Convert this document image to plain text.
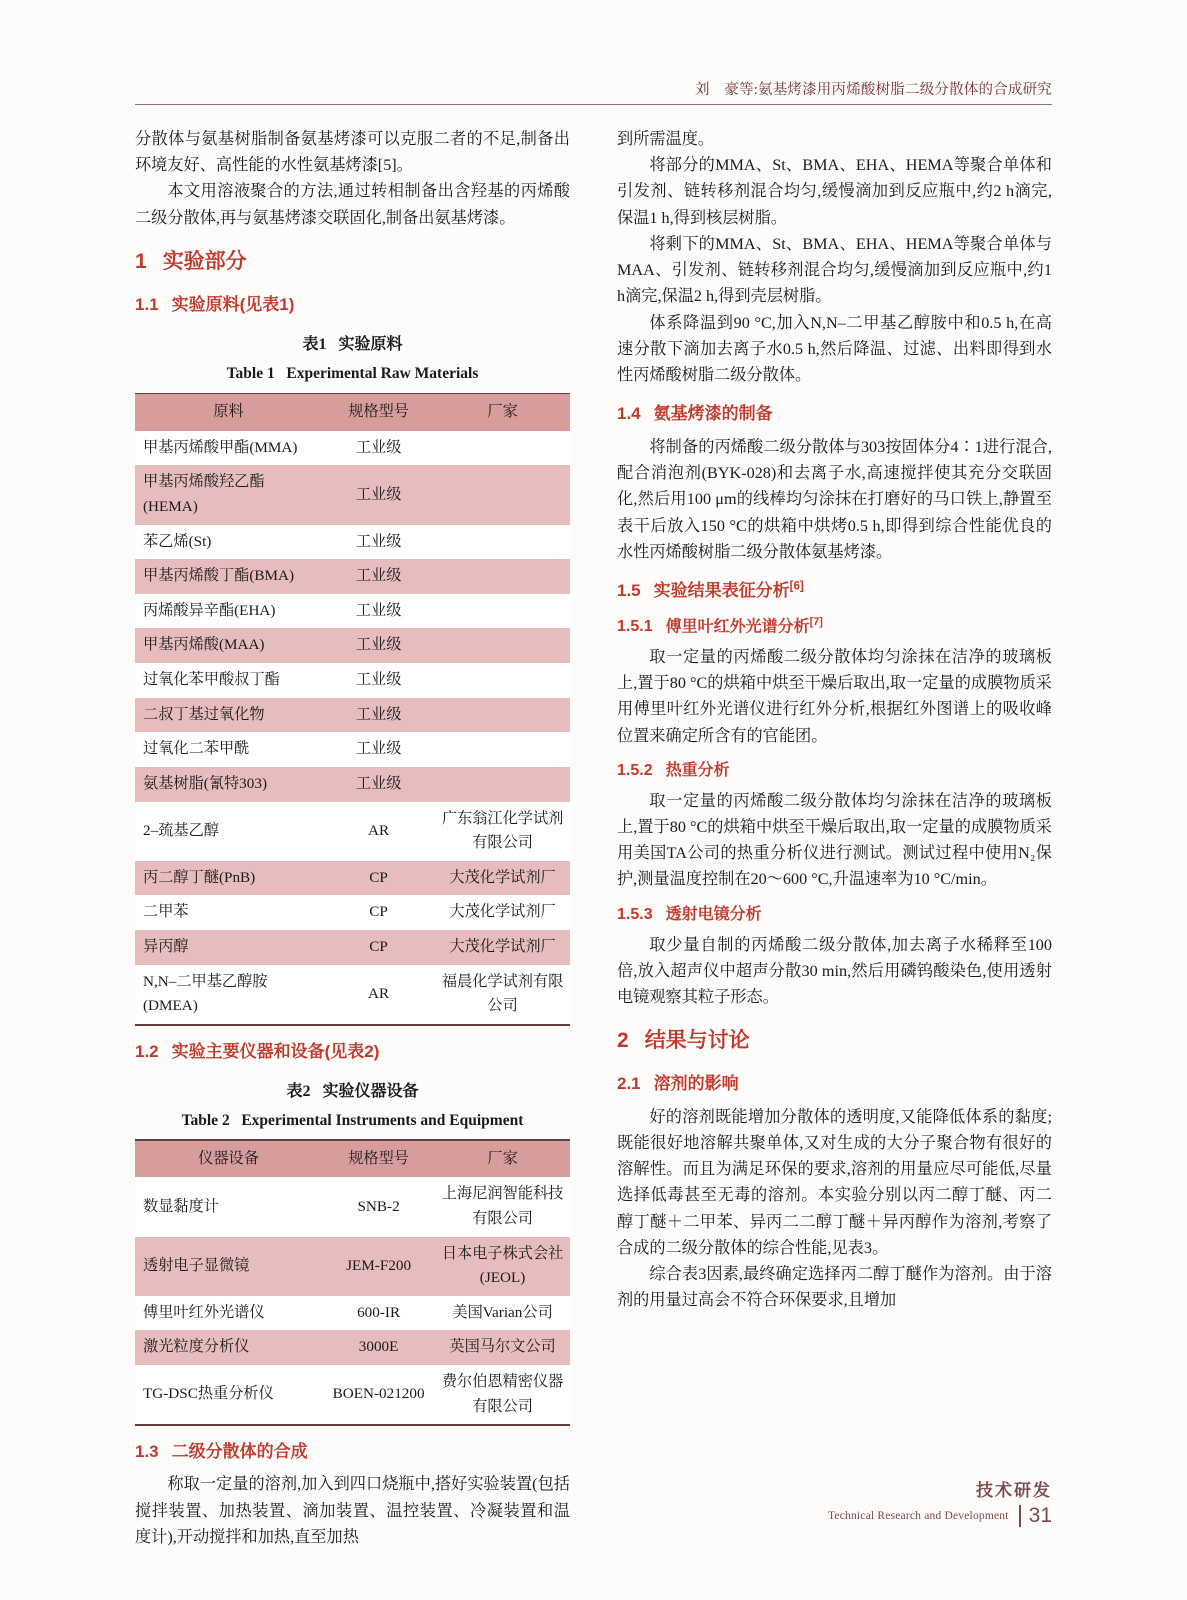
刘　豪等:氨基烤漆用丙烯酸树脂二级分散体的合成研究

分散体与氨基树脂制备氨基烤漆可以克服二者的不足,制备出环境友好、高性能的水性氨基烤漆[5]。

本文用溶液聚合的方法,通过转相制备出含羟基的丙烯酸二级分散体,再与氨基烤漆交联固化,制备出氨基烤漆。

1 实验部分
1.1 实验原料(见表1)
表1 实验原料
Table 1 Experimental Raw Materials
原料	规格型号	厂家
甲基丙烯酸甲酯(MMA)	工业级	
甲基丙烯酸羟乙酯(HEMA)	工业级	
苯乙烯(St)	工业级	
甲基丙烯酸丁酯(BMA)	工业级	
丙烯酸异辛酯(EHA)	工业级	
甲基丙烯酸(MAA)	工业级	
过氧化苯甲酸叔丁酯	工业级	
二叔丁基过氧化物	工业级	
过氧化二苯甲酰	工业级	
氨基树脂(氰特303)	工业级	
2–巯基乙醇	AR	广东翁江化学试剂有限公司
丙二醇丁醚(PnB)	CP	大茂化学试剂厂
二甲苯	CP	大茂化学试剂厂
异丙醇	CP	大茂化学试剂厂
N,N–二甲基乙醇胺(DMEA)	AR	福晨化学试剂有限公司
1.2 实验主要仪器和设备(见表2)
表2 实验仪器设备
Table 2 Experimental Instruments and Equipment
仪器设备	规格型号	厂家
数显黏度计	SNB-2	上海尼润智能科技有限公司
透射电子显微镜	JEM-F200	日本电子株式会社(JEOL)
傅里叶红外光谱仪	600-IR	美国Varian公司
激光粒度分析仪	3000E	英国马尔文公司
TG-DSC热重分析仪	BOEN-021200	费尔伯恩精密仪器有限公司
1.3 二级分散体的合成

称取一定量的溶剂,加入到四口烧瓶中,搭好实验装置(包括搅拌装置、加热装置、滴加装置、温控装置、冷凝装置和温度计),开动搅拌和加热,直至加热

到所需温度。

将部分的MMA、St、BMA、EHA、HEMA等聚合单体和引发剂、链转移剂混合均匀,缓慢滴加到反应瓶中,约2 h滴完,保温1 h,得到核层树脂。

将剩下的MMA、St、BMA、EHA、HEMA等聚合单体与MAA、引发剂、链转移剂混合均匀,缓慢滴加到反应瓶中,约1 h滴完,保温2 h,得到壳层树脂。

体系降温到90 °C,加入N,N–二甲基乙醇胺中和0.5 h,在高速分散下滴加去离子水0.5 h,然后降温、过滤、出料即得到水性丙烯酸树脂二级分散体。

1.4 氨基烤漆的制备

将制备的丙烯酸二级分散体与303按固体分4∶1进行混合,配合消泡剂(BYK-028)和去离子水,高速搅拌使其充分交联固化,然后用100 μm的线棒均匀涂抹在打磨好的马口铁上,静置至表干后放入150 °C的烘箱中烘烤0.5 h,即得到综合性能优良的水性丙烯酸树脂二级分散体氨基烤漆。

1.5 实验结果表征分析[6]
1.5.1 傅里叶红外光谱分析[7]

取一定量的丙烯酸二级分散体均匀涂抹在洁净的玻璃板上,置于80 °C的烘箱中烘至干燥后取出,取一定量的成膜物质采用傅里叶红外光谱仪进行红外分析,根据红外图谱上的吸收峰位置来确定所含有的官能团。

1.5.2 热重分析

取一定量的丙烯酸二级分散体均匀涂抹在洁净的玻璃板上,置于80 °C的烘箱中烘至干燥后取出,取一定量的成膜物质采用美国TA公司的热重分析仪进行测试。测试过程中使用N₂保护,测量温度控制在20～600 °C,升温速率为10 °C/min。

1.5.3 透射电镜分析

取少量自制的丙烯酸二级分散体,加去离子水稀释至100倍,放入超声仪中超声分散30 min,然后用磷钨酸染色,使用透射电镜观察其粒子形态。

2 结果与讨论
2.1 溶剂的影响

好的溶剂既能增加分散体的透明度,又能降低体系的黏度;既能很好地溶解共聚单体,又对生成的大分子聚合物有很好的溶解性。而且为满足环保的要求,溶剂的用量应尽可能低,尽量选择低毒甚至无毒的溶剂。本实验分别以丙二醇丁醚、丙二醇丁醚＋二甲苯、异丙二二醇丁醚＋异丙醇作为溶剂,考察了合成的二级分散体的综合性能,见表3。

综合表3因素,最终确定选择丙二醇丁醚作为溶剂。由于溶剂的用量过高会不符合环保要求,且增加

技术研发
Technical Research and Development 31
